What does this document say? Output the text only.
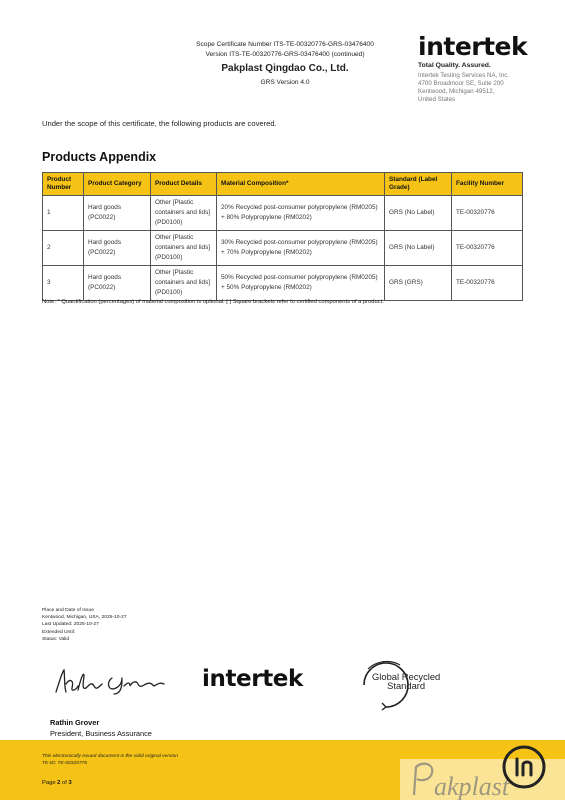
Scope Certificate Number ITS-TE-00320776-GRS-03476400
Version ITS-TE-00320776-GRS-03476400 (continued)
Pakplast Qingdao Co., Ltd.
GRS Version 4.0
intertek
Total Quality. Assured.
Intertek Testing Services NA, Inc.
4700 Broadmoor SE, Suite 200
Kentwood, Michigan 49512,
United States
Under the scope of this certificate, the following products are covered.
Products Appendix
Product Number	Product Category	Product Details	Material Composition*	Standard (Label Grade)	Facility Number
1	Hard goods (PC0022)	Other [Plastic containers and lids] (PD0100)	20% Recycled post-consumer polypropylene (RM0205) + 80% Polypropylene (RM0202)	GRS (No Label)	TE-00320776
2	Hard goods (PC0022)	Other [Plastic containers and lids] (PD0100)	30% Recycled post-consumer polypropylene (RM0205) + 70% Polypropylene (RM0202)	GRS (No Label)	TE-00320776
3	Hard goods (PC0022)	Other [Plastic containers and lids] (PD0100)	50% Recycled post-consumer polypropylene (RM0205) + 50% Polypropylene (RM0202)	GRS (GRS)	TE-00320776
Note: * Quantification (percentages) of material composition is optional. [ ] Square brackets refer to certified components of a product.
Place and Date of Issue
Kentwood, Michigan, USA, 2025-10-27
Last Updated: 2025-10-27
Extended Until:
Status: Valid
intertek	Global Recycled
Standard
Rathin Grover
President, Business Assurance
This electronically issued document is the valid original version
TE-ID: TE-00320776
Page 2 of 3	akplast
